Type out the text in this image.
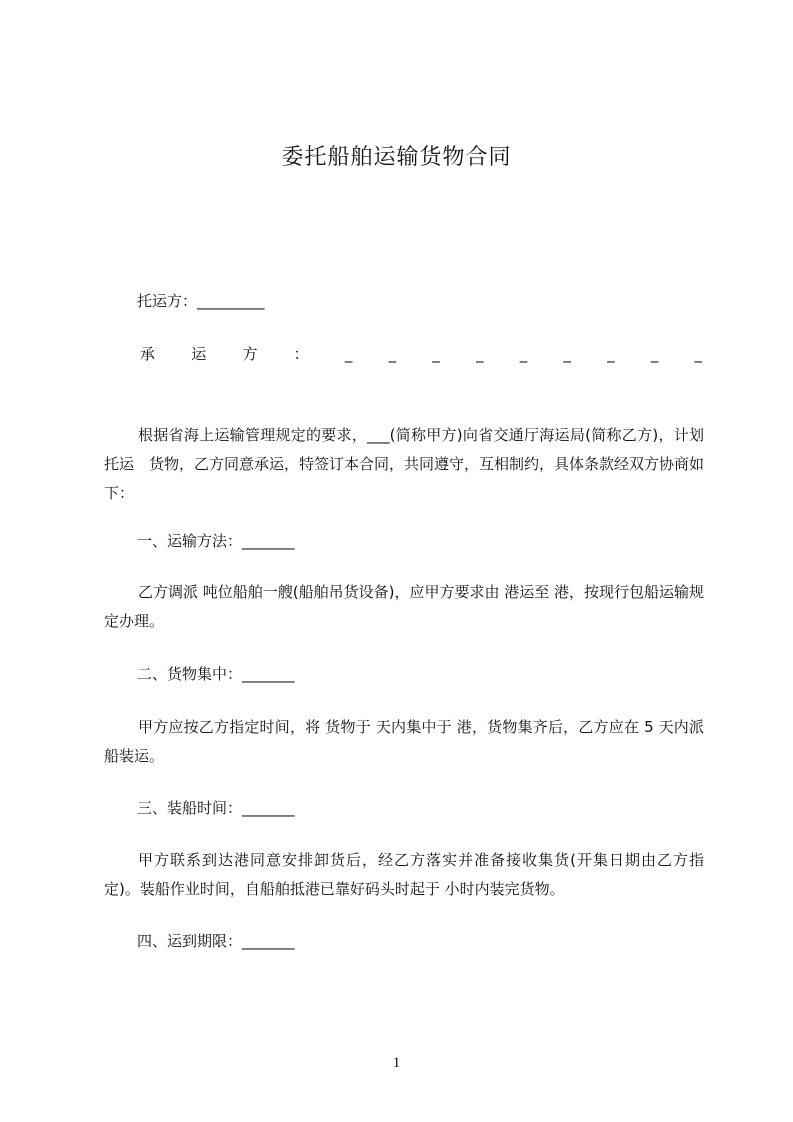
委托船舶运输货物合同
托运方：_________
承 运 方 ： _ _ _ _ _ _ _ _ _
根据省海上运输管理规定的要求，___(简称甲方)向省交通厅海运局(简称乙方)，计划托运　货物，乙方同意承运，特签订本合同，共同遵守，互相制约，具体条款经双方协商如下：
一、运输方法：_______
乙方调派 吨位船舶一艘(船舶吊货设备)，应甲方要求由 港运至 港，按现行包船运输规定办理。
二、货物集中：_______
甲方应按乙方指定时间，将 货物于 天内集中于 港，货物集齐后，乙方应在 5 天内派船装运。
三、装船时间：_______
甲方联系到达港同意安排卸货后，经乙方落实并准备接收集货(开集日期由乙方指定)。装船作业时间，自船舶抵港已靠好码头时起于 小时内装完货物。
四、运到期限：_______
1
